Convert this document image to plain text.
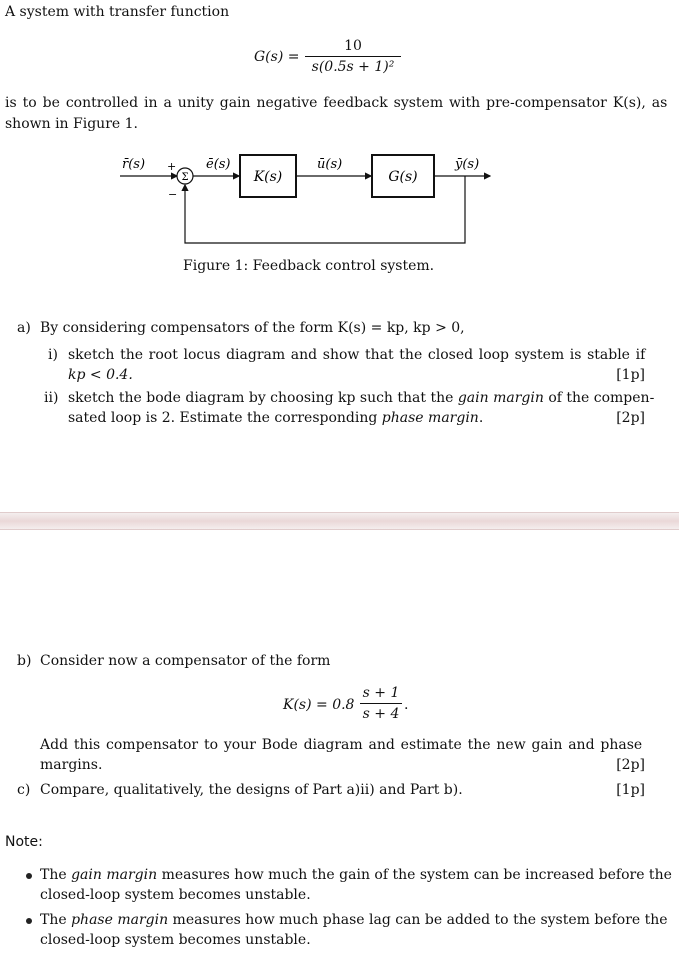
A system with transfer function
G(s) =
10
s(0.5s + 1)²
is to be controlled in a unity gain negative feedback system with pre-compensator K(s), as
shown in Figure 1.
Σ	K(s)	G(s)
r̄(s) +
−
ē(s)	ū(s)	ȳ(s)
Figure 1: Feedback control system.
a) By considering compensators of the form K(s) = kp, kp > 0,
i) sketch the root locus diagram and show that the closed loop system is stable if
kp < 0.4.	[1p]
ii) sketch the bode diagram by choosing kp such that the gain margin of the compen-
sated loop is 2. Estimate the corresponding phase margin.	[2p]
b) Consider now a compensator of the form
K(s) = 0.8
s + 1
s + 4
.
Add this compensator to your Bode diagram and estimate the new gain and phase
margins.	[2p]
c) Compare, qualitatively, the designs of Part a)ii) and Part b).	[1p]
Note:
The gain margin measures how much the gain of the system can be increased before the
closed-loop system becomes unstable.
The phase margin measures how much phase lag can be added to the system before the
closed-loop system becomes unstable.
